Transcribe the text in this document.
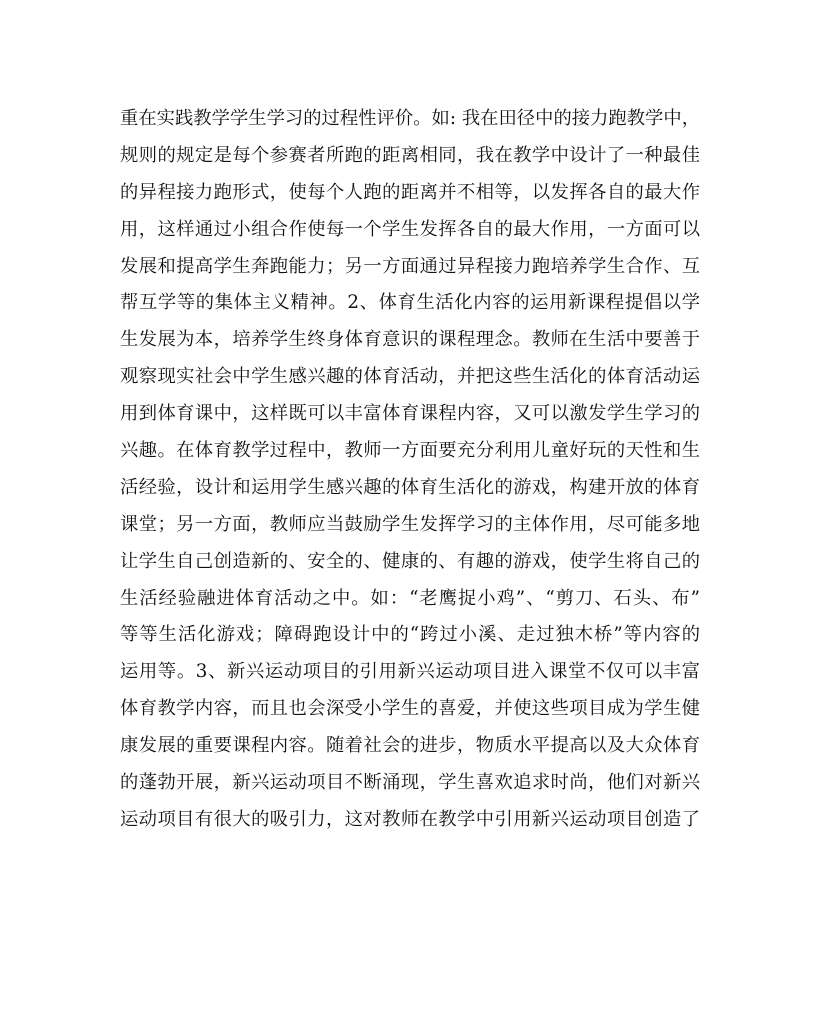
重在实践教学学生学习的过程性评价。如: 我在田径中的接力跑教学中，
规则的规定是每个参赛者所跑的距离相同，我在教学中设计了一种最佳
的异程接力跑形式，使每个人跑的距离并不相等，以发挥各自的最大作
用，这样通过小组合作使每一个学生发挥各自的最大作用，一方面可以
发展和提高学生奔跑能力；另一方面通过异程接力跑培养学生合作、互
帮互学等的集体主义精神。2、体育生活化内容的运用新课程提倡以学
生发展为本，培养学生终身体育意识的课程理念。教师在生活中要善于
观察现实社会中学生感兴趣的体育活动，并把这些生活化的体育活动运
用到体育课中，这样既可以丰富体育课程内容，又可以激发学生学习的
兴趣。在体育教学过程中，教师一方面要充分利用儿童好玩的天性和生
活经验，设计和运用学生感兴趣的体育生活化的游戏，构建开放的体育
课堂；另一方面，教师应当鼓励学生发挥学习的主体作用，尽可能多地
让学生自己创造新的、安全的、健康的、有趣的游戏，使学生将自己的
生活经验融进体育活动之中。如：“老鹰捉小鸡”、“剪刀、石头、布”
等等生活化游戏；障碍跑设计中的“跨过小溪、走过独木桥”等内容的
运用等。3、新兴运动项目的引用新兴运动项目进入课堂不仅可以丰富
体育教学内容，而且也会深受小学生的喜爱，并使这些项目成为学生健
康发展的重要课程内容。随着社会的进步，物质水平提高以及大众体育
的蓬勃开展，新兴运动项目不断涌现，学生喜欢追求时尚，他们对新兴
运动项目有很大的吸引力，这对教师在教学中引用新兴运动项目创造了
